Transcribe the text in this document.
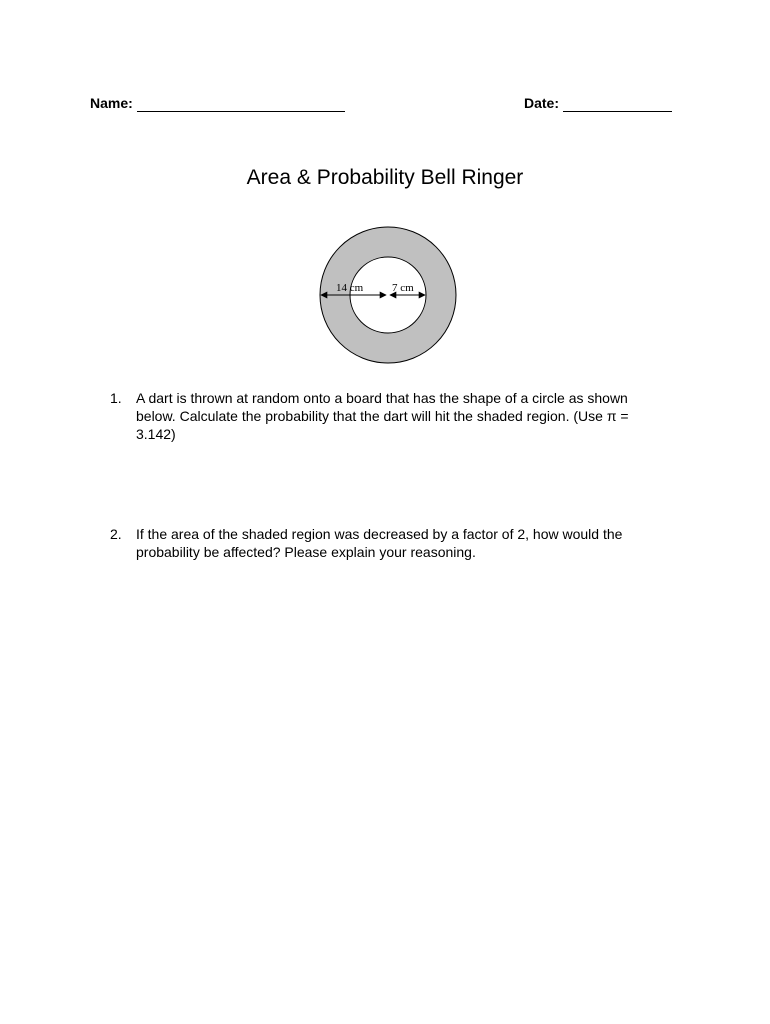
Name:	Date:
Area & Probability Bell Ringer
14 cm	7 cm
1. A dart is thrown at random onto a board that has the shape of a circle as shown below. Calculate the probability that the dart will hit the shaded region. (Use π = 3.142)
2. If the area of the shaded region was decreased by a factor of 2, how would the probability be affected? Please explain your reasoning.
